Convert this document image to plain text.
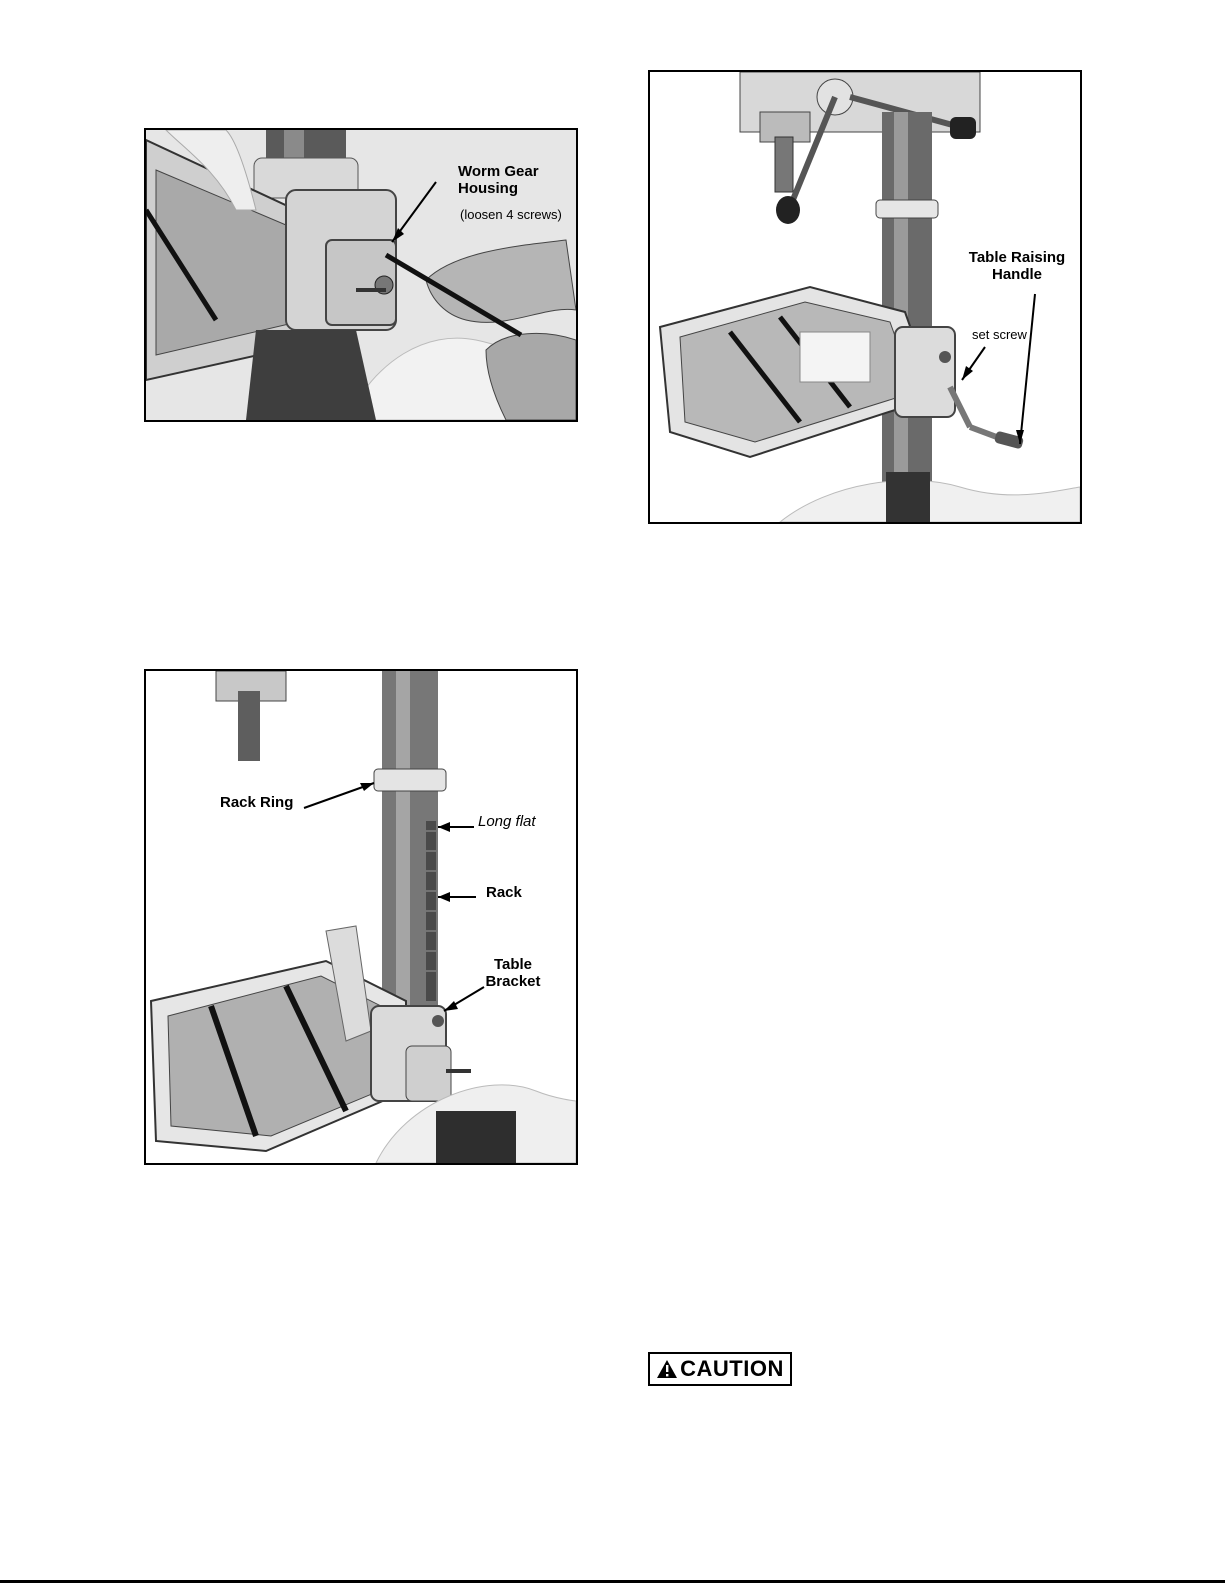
Worm Gear
Housing
(loosen 4 screws)
Table Raising
Handle
set screw
Rack Ring
Long flat
Rack
Table
Bracket
CAUTION
